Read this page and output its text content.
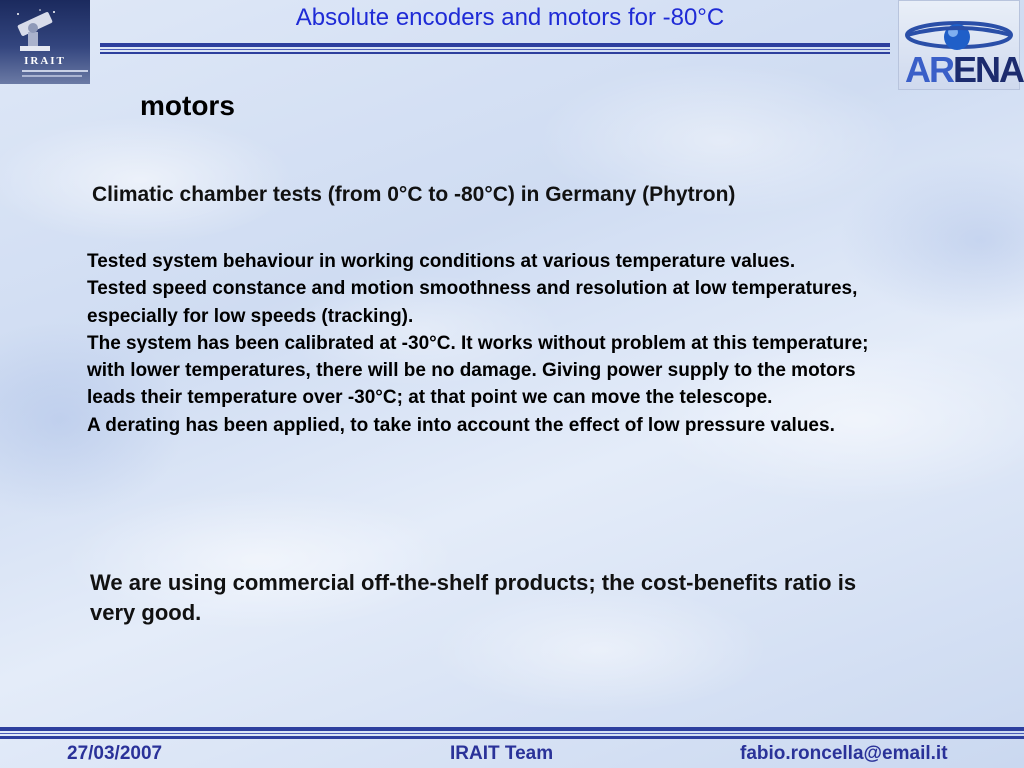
IRAIT
Absolute encoders and motors for -80°C
ARENA
motors
Climatic chamber tests (from 0°C to -80°C) in Germany (Phytron)

Tested system behaviour in working conditions at various temperature values.

Tested speed constance and motion smoothness and resolution at low temperatures, especially for low speeds (tracking).

The system has been calibrated at -30°C. It works without problem at this temperature; with lower temperatures, there will be no damage. Giving power supply to the motors leads their temperature over -30°C; at that point we can move the telescope.

A derating has been applied, to take into account the effect of low pressure values.

We are using commercial off-the-shelf products; the cost-benefits ratio is very good.
27/03/2007	IRAIT Team	fabio.roncella@email.it
